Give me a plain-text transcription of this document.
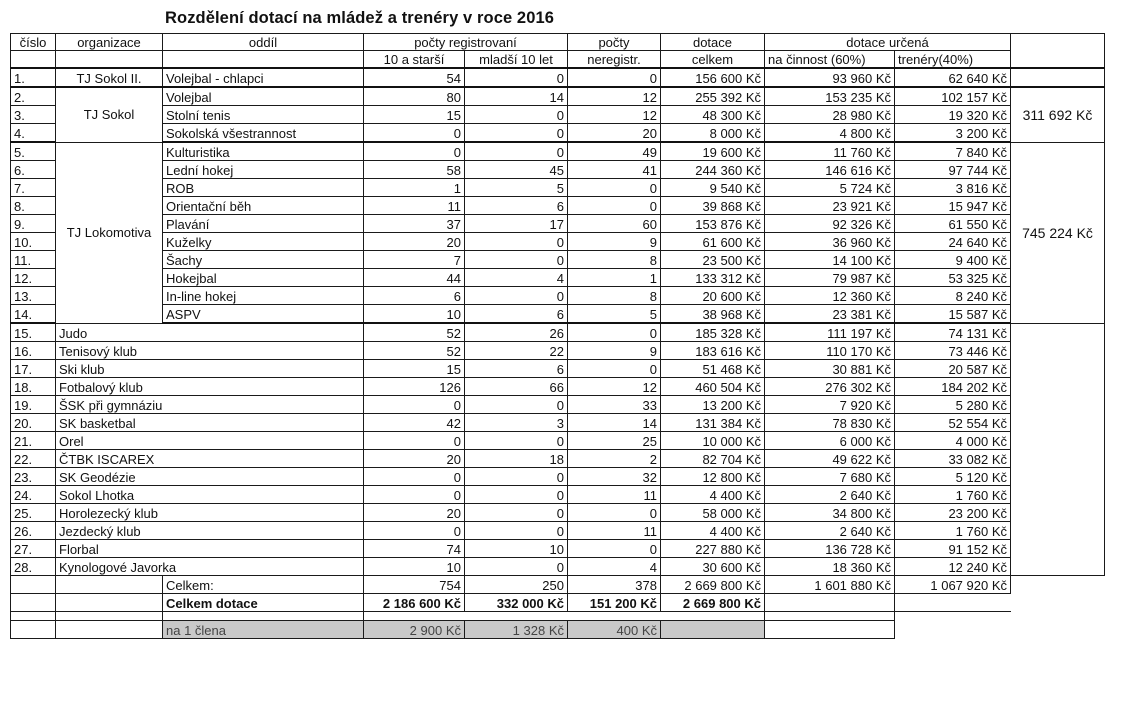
Rozdělení dotací na mládež a trenéry v roce 2016
číslo	organizace	oddíl	počty registrovaní		počty	dotace	dotace určená		
			10 a starší	mladší 10 let	neregistr.	celkem	na činnost (60%)	trenéry(40%)	
1.	TJ Sokol II.	Volejbal - chlapci	54	0	0	156 600 Kč	93 960 Kč	62 640 Kč	
2.	TJ Sokol	Volejbal	80	14	12	255 392 Kč	153 235 Kč	102 157 Kč	311 692 Kč
3.		Stolní tenis	15	0	12	48 300 Kč	28 980 Kč	19 320 Kč	
4.		Sokolská všestrannost	0	0	20	8 000 Kč	4 800 Kč	3 200 Kč	
5.	TJ Lokomotiva	Kulturistika	0	0	49	19 600 Kč	11 760 Kč	7 840 Kč	745 224 Kč
6.		Lední hokej	58	45	41	244 360 Kč	146 616 Kč	97 744 Kč	
7.		ROB	1	5	0	9 540 Kč	5 724 Kč	3 816 Kč	
8.		Orientační běh	11	6	0	39 868 Kč	23 921 Kč	15 947 Kč	
9.		Plavání	37	17	60	153 876 Kč	92 326 Kč	61 550 Kč	
10.		Kuželky	20	0	9	61 600 Kč	36 960 Kč	24 640 Kč	
11.		Šachy	7	0	8	23 500 Kč	14 100 Kč	9 400 Kč	
12.		Hokejbal	44	4	1	133 312 Kč	79 987 Kč	53 325 Kč	
13.		In-line hokej	6	0	8	20 600 Kč	12 360 Kč	8 240 Kč	
14.		ASPV	10	6	5	38 968 Kč	23 381 Kč	15 587 Kč	
15.	Judo		52	26	0	185 328 Kč	111 197 Kč	74 131 Kč	
16.	Tenisový klub		52	22	9	183 616 Kč	110 170 Kč	73 446 Kč	
17.	Ski klub		15	6	0	51 468 Kč	30 881 Kč	20 587 Kč	
18.	Fotbalový klub		126	66	12	460 504 Kč	276 302 Kč	184 202 Kč	
19.	ŠSK při gymnáziu		0	0	33	13 200 Kč	7 920 Kč	5 280 Kč	
20.	SK basketbal		42	3	14	131 384 Kč	78 830 Kč	52 554 Kč	
21.	Orel		0	0	25	10 000 Kč	6 000 Kč	4 000 Kč	
22.	ČTBK ISCAREX		20	18	2	82 704 Kč	49 622 Kč	33 082 Kč	
23.	SK Geodézie		0	0	32	12 800 Kč	7 680 Kč	5 120 Kč	
24.	Sokol Lhotka		0	0	11	4 400 Kč	2 640 Kč	1 760 Kč	
25.	Horolezecký klub		20	0	0	58 000 Kč	34 800 Kč	23 200 Kč	
26.	Jezdecký klub		0	0	11	4 400 Kč	2 640 Kč	1 760 Kč	
27.	Florbal		74	10	0	227 880 Kč	136 728 Kč	91 152 Kč	
28.	Kynologové Javorka		10	0	4	30 600 Kč	18 360 Kč	12 240 Kč	
		Celkem:	754	250	378	2 669 800 Kč	1 601 880 Kč	1 067 920 Kč	
		Celkem dotace	2 186 600 Kč	332 000 Kč	151 200 Kč	2 669 800 Kč			

		na 1 člena	2 900 Kč	1 328 Kč	400 Kč				
